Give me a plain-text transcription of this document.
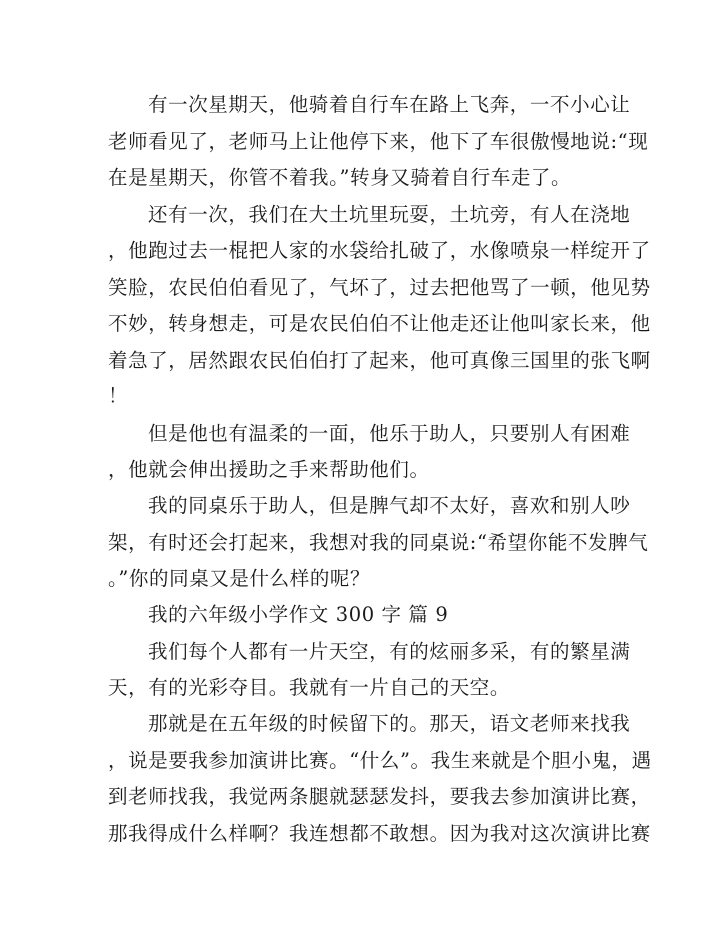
有一次星期天，他骑着自行车在路上飞奔，一不小心让
老师看见了，老师马上让他停下来，他下了车很傲慢地说:“现
在是星期天，你管不着我。”转身又骑着自行车走了。
还有一次，我们在大土坑里玩耍，土坑旁，有人在浇地
，他跑过去一棍把人家的水袋给扎破了，水像喷泉一样绽开了
笑脸，农民伯伯看见了，气坏了，过去把他骂了一顿，他见势
不妙，转身想走，可是农民伯伯不让他走还让他叫家长来，他
着急了，居然跟农民伯伯打了起来，他可真像三国里的张飞啊
！
但是他也有温柔的一面，他乐于助人，只要别人有困难
，他就会伸出援助之手来帮助他们。
我的同桌乐于助人，但是脾气却不太好，喜欢和别人吵
架，有时还会打起来，我想对我的同桌说:“希望你能不发脾气
。”你的同桌又是什么样的呢？
我的六年级小学作文 300 字 篇 9
我们每个人都有一片天空，有的炫丽多采，有的繁星满
天，有的光彩夺目。我就有一片自己的天空。
那就是在五年级的时候留下的。那天，语文老师来找我
，说是要我参加演讲比赛。“什么”。我生来就是个胆小鬼，遇
到老师找我，我觉两条腿就瑟瑟发抖，要我去参加演讲比赛，
那我得成什么样啊？我连想都不敢想。因为我对这次演讲比赛
